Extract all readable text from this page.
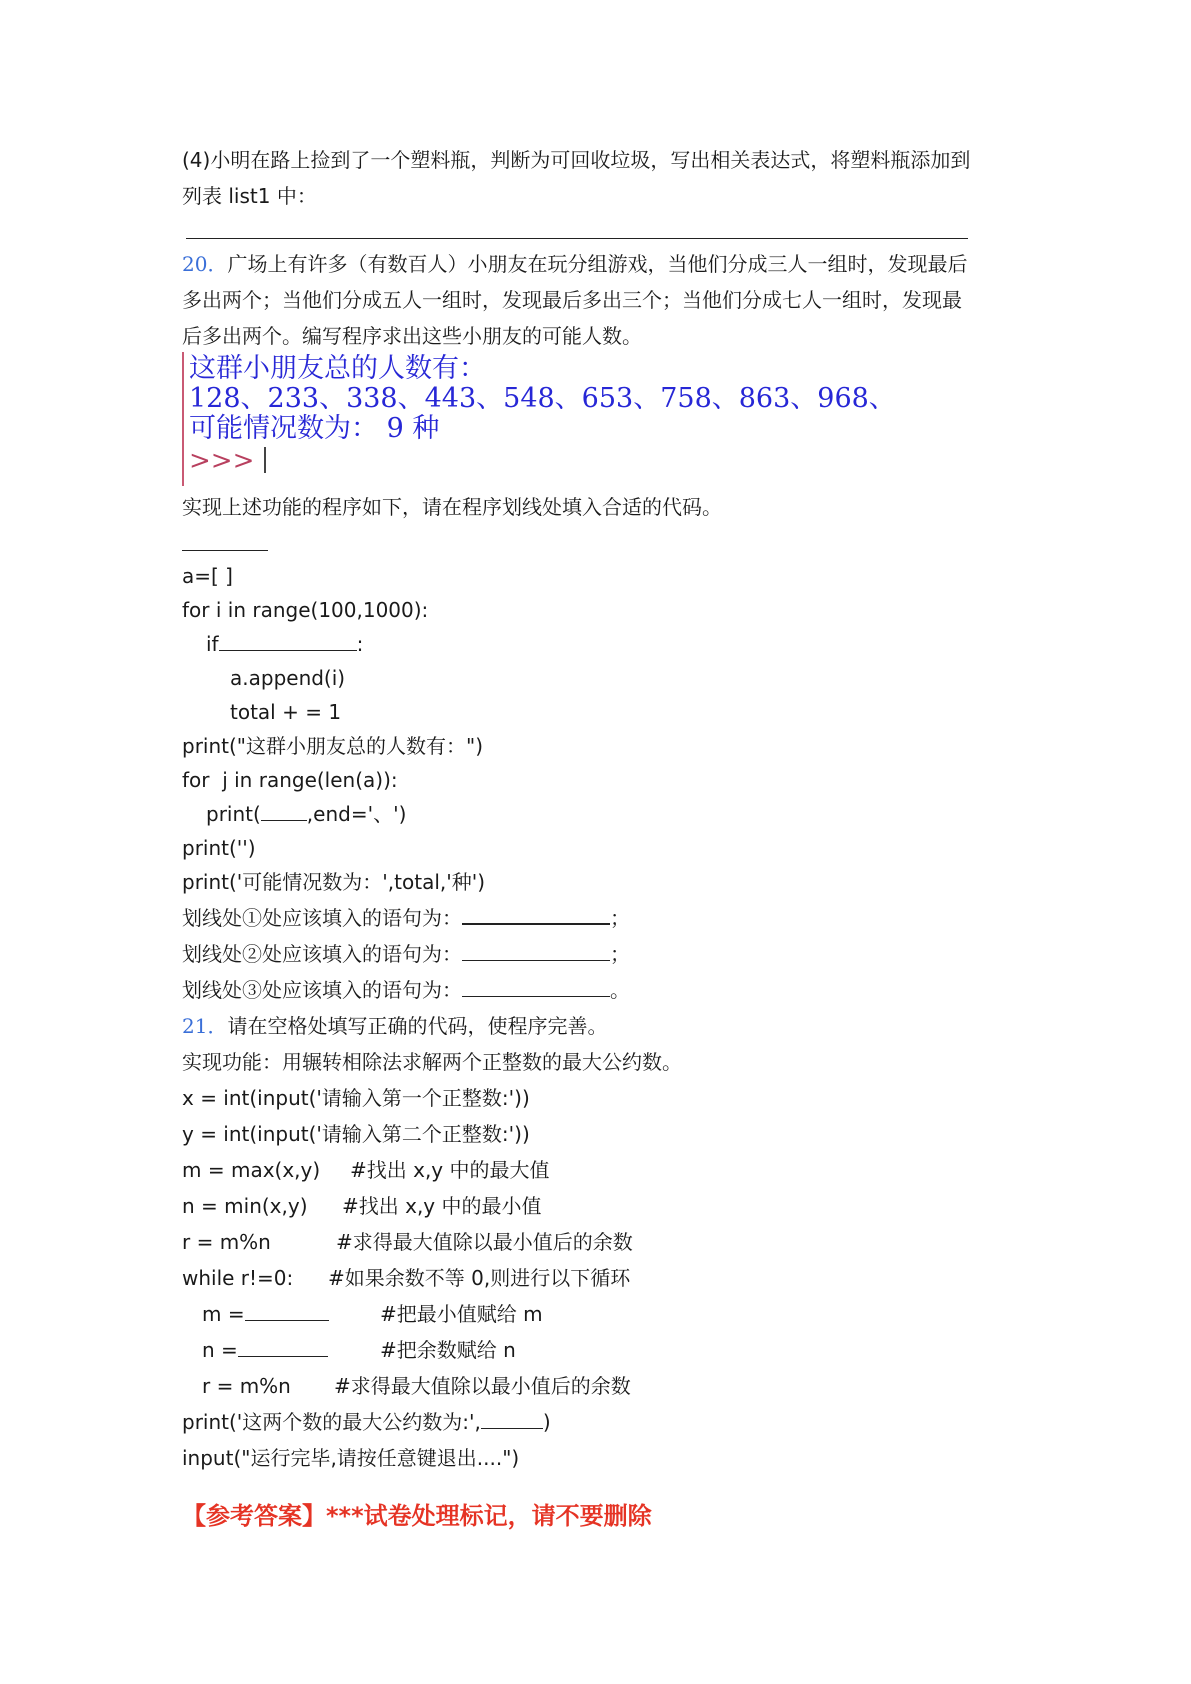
(4)小明在路上捡到了一个塑料瓶，判断为可回收垃圾，写出相关表达式，将塑料瓶添加到
列表 list1 中：
20．广场上有许多（有数百人）小朋友在玩分组游戏，当他们分成三人一组时，发现最后
多出两个；当他们分成五人一组时，发现最后多出三个；当他们分成七人一组时，发现最
后多出两个。编写程序求出这些小朋友的可能人数。
这群小朋友总的人数有：
128、233、338、443、548、653、758、863、968、
可能情况数为： 9 种
>>>
实现上述功能的程序如下，请在程序划线处填入合适的代码。
a=[ ]
for i in range(100,1000):
if	:
a.append(i)
total + = 1
print("这群小朋友总的人数有：")
for  j in range(len(a)):
print( ,end='、')
print('')
print('可能情况数为：',total,'种')
划线处①处应该填入的语句为：	；
划线处②处应该填入的语句为：	；
划线处③处应该填入的语句为：	。
21．请在空格处填写正确的代码，使程序完善。
实现功能：用辗转相除法求解两个正整数的最大公约数。
x = int(input('请输入第一个正整数:'))
y = int(input('请输入第二个正整数:'))
m = max(x,y) #找出 x,y 中的最大值
n = min(x,y) #找出 x,y 中的最小值
r = m%n	#求得最大值除以最小值后的余数
while r!=0: #如果余数不等 0,则进行以下循环
m =	#把最小值赋给 m
n =	#把余数赋给 n
r = m%n #求得最大值除以最小值后的余数
print('这两个数的最大公约数为:',	)
input("运行完毕,请按任意键退出....")
【参考答案】***试卷处理标记，请不要删除
